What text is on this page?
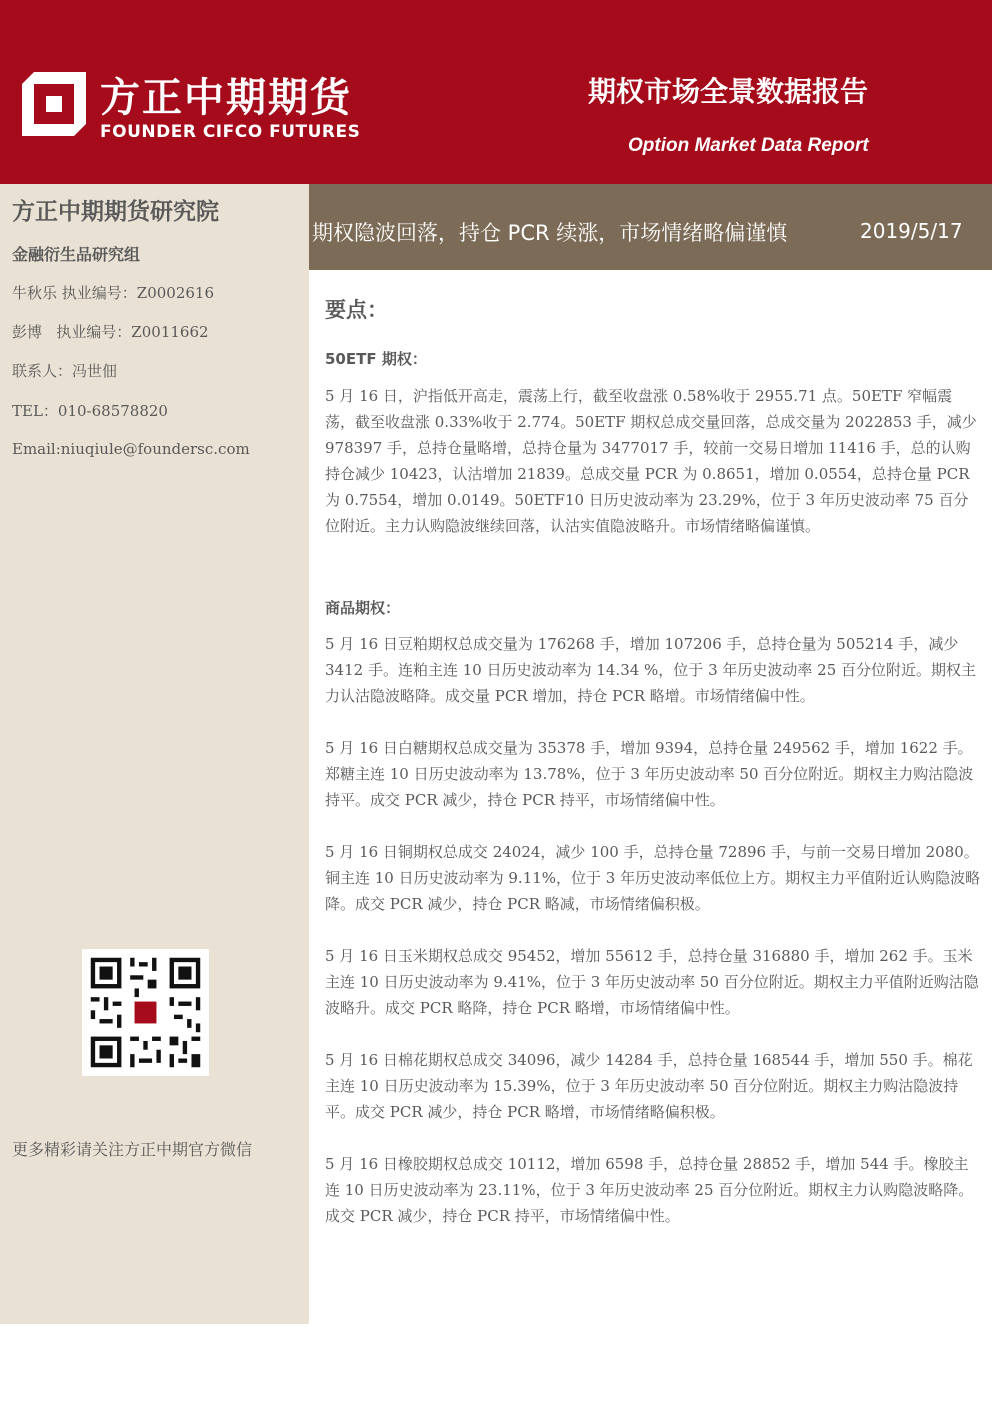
方正中期期货
FOUNDER CIFCO FUTURES
期权市场全景数据报告
Option Market Data Report
方正中期期货研究院
金融衍生品研究组
牛秋乐 执业编号：Z0002616
彭博   执业编号：Z0011662
联系人：冯世佃
TEL：010-68578820
Email:niuqiule@foundersc.com
更多精彩请关注方正中期官方微信
期权隐波回落，持仓 PCR 续涨，市场情绪略偏谨慎	2019/5/17
要点：
50ETF 期权：

5 月 16 日，沪指低开高走，震荡上行，截至收盘涨 0.58%收于 2955.71 点。50ETF 窄幅震荡，截至收盘涨 0.33%收于 2.774。50ETF 期权总成交量回落，总成交量为 2022853 手，减少 978397 手，总持仓量略增，总持仓量为 3477017 手，较前一交易日增加 11416 手，总的认购持仓减少 10423，认沽增加 21839。总成交量 PCR 为 0.8651，增加 0.0554，总持仓量 PCR 为 0.7554，增加 0.0149。50ETF10 日历史波动率为 23.29%，位于 3 年历史波动率 75 百分位附近。主力认购隐波继续回落，认沽实值隐波略升。市场情绪略偏谨慎。

商品期权：

5 月 16 日豆粕期权总成交量为 176268 手，增加 107206 手，总持仓量为 505214 手，减少 3412 手。连粕主连 10 日历史波动率为 14.34 %，位于 3 年历史波动率 25 百分位附近。期权主力认沽隐波略降。成交量 PCR 增加，持仓 PCR 略增。市场情绪偏中性。

5 月 16 日白糖期权总成交量为 35378 手，增加 9394，总持仓量 249562 手，增加 1622 手。郑糖主连 10 日历史波动率为 13.78%，位于 3 年历史波动率 50 百分位附近。期权主力购沽隐波持平。成交 PCR 减少，持仓 PCR 持平，市场情绪偏中性。

5 月 16 日铜期权总成交 24024，减少 100 手，总持仓量 72896 手，与前一交易日增加 2080。铜主连 10 日历史波动率为 9.11%，位于 3 年历史波动率低位上方。期权主力平值附近认购隐波略降。成交 PCR 减少，持仓 PCR 略减，市场情绪偏积极。

5 月 16 日玉米期权总成交 95452，增加 55612 手，总持仓量 316880 手，增加 262 手。玉米主连 10 日历史波动率为 9.41%，位于 3 年历史波动率 50 百分位附近。期权主力平值附近购沽隐波略升。成交 PCR 略降，持仓 PCR 略增，市场情绪偏中性。

5 月 16 日棉花期权总成交 34096，减少 14284 手，总持仓量 168544 手，增加 550 手。棉花主连 10 日历史波动率为 15.39%，位于 3 年历史波动率 50 百分位附近。期权主力购沽隐波持平。成交 PCR 减少，持仓 PCR 略增，市场情绪略偏积极。

5 月 16 日橡胶期权总成交 10112，增加 6598 手，总持仓量 28852 手，增加 544 手。橡胶主连 10 日历史波动率为 23.11%，位于 3 年历史波动率 25 百分位附近。期权主力认购隐波略降。成交 PCR 减少，持仓 PCR 持平，市场情绪偏中性。
